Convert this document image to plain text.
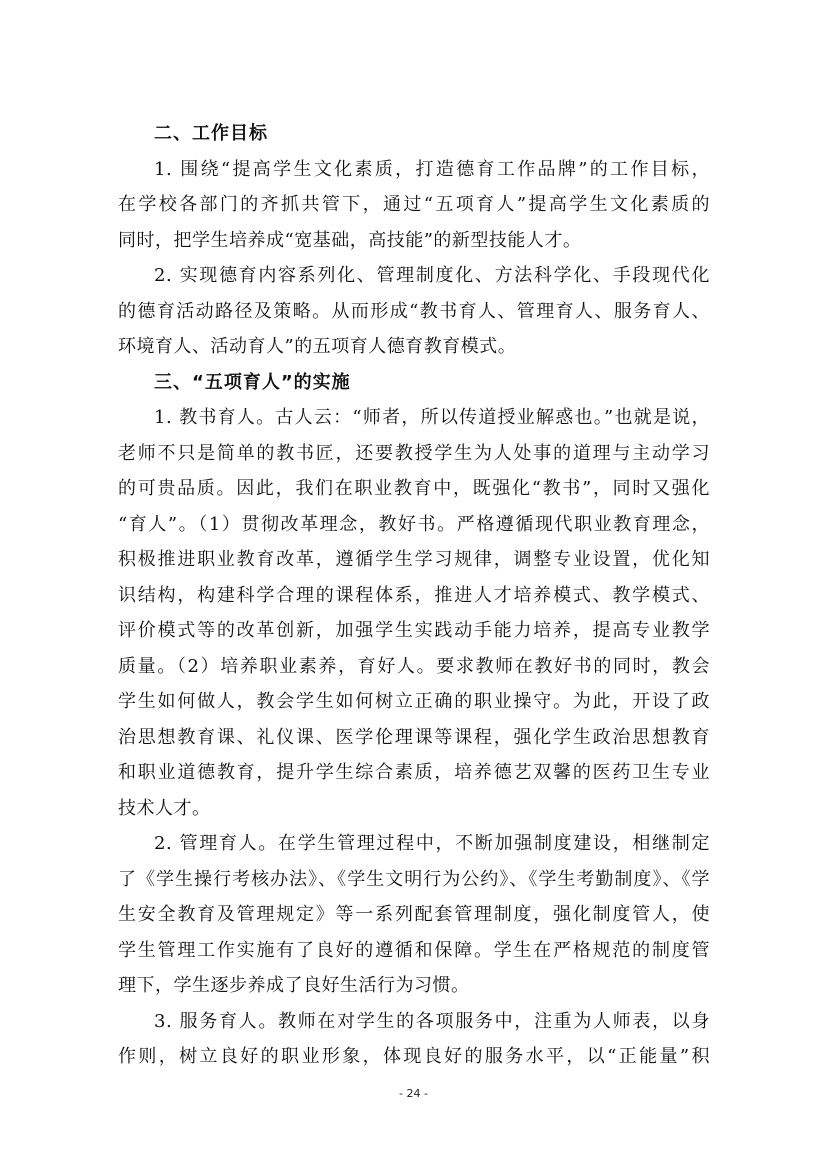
二、工作目标
1. 围绕“提高学生文化素质，打造德育工作品牌”的工作目标，
在学校各部门的齐抓共管下，通过“五项育人”提高学生文化素质的
同时，把学生培养成“宽基础，高技能”的新型技能人才。
2. 实现德育内容系列化、管理制度化、方法科学化、手段现代化
的德育活动路径及策略。从而形成“教书育人、管理育人、服务育人、
环境育人、活动育人”的五项育人德育教育模式。
三、“五项育人”的实施
1. 教书育人。古人云：“师者，所以传道授业解惑也。”也就是说，
老师不只是简单的教书匠，还要教授学生为人处事的道理与主动学习
的可贵品质。因此，我们在职业教育中，既强化“教书”，同时又强化
“育人”。（1）贯彻改革理念，教好书。严格遵循现代职业教育理念，
积极推进职业教育改革，遵循学生学习规律，调整专业设置，优化知
识结构，构建科学合理的课程体系，推进人才培养模式、教学模式、
评价模式等的改革创新，加强学生实践动手能力培养，提高专业教学
质量。（2）培养职业素养，育好人。要求教师在教好书的同时，教会
学生如何做人，教会学生如何树立正确的职业操守。为此，开设了政
治思想教育课、礼仪课、医学伦理课等课程，强化学生政治思想教育
和职业道德教育，提升学生综合素质，培养德艺双馨的医药卫生专业
技术人才。
2. 管理育人。在学生管理过程中，不断加强制度建设，相继制定
了《学生操行考核办法》、《学生文明行为公约》、《学生考勤制度》、《学
生安全教育及管理规定》等一系列配套管理制度，强化制度管人，使
学生管理工作实施有了良好的遵循和保障。学生在严格规范的制度管
理下，学生逐步养成了良好生活行为习惯。
3. 服务育人。教师在对学生的各项服务中，注重为人师表，以身
作则，树立良好的职业形象，体现良好的服务水平，以“正能量”积
- 24 -
